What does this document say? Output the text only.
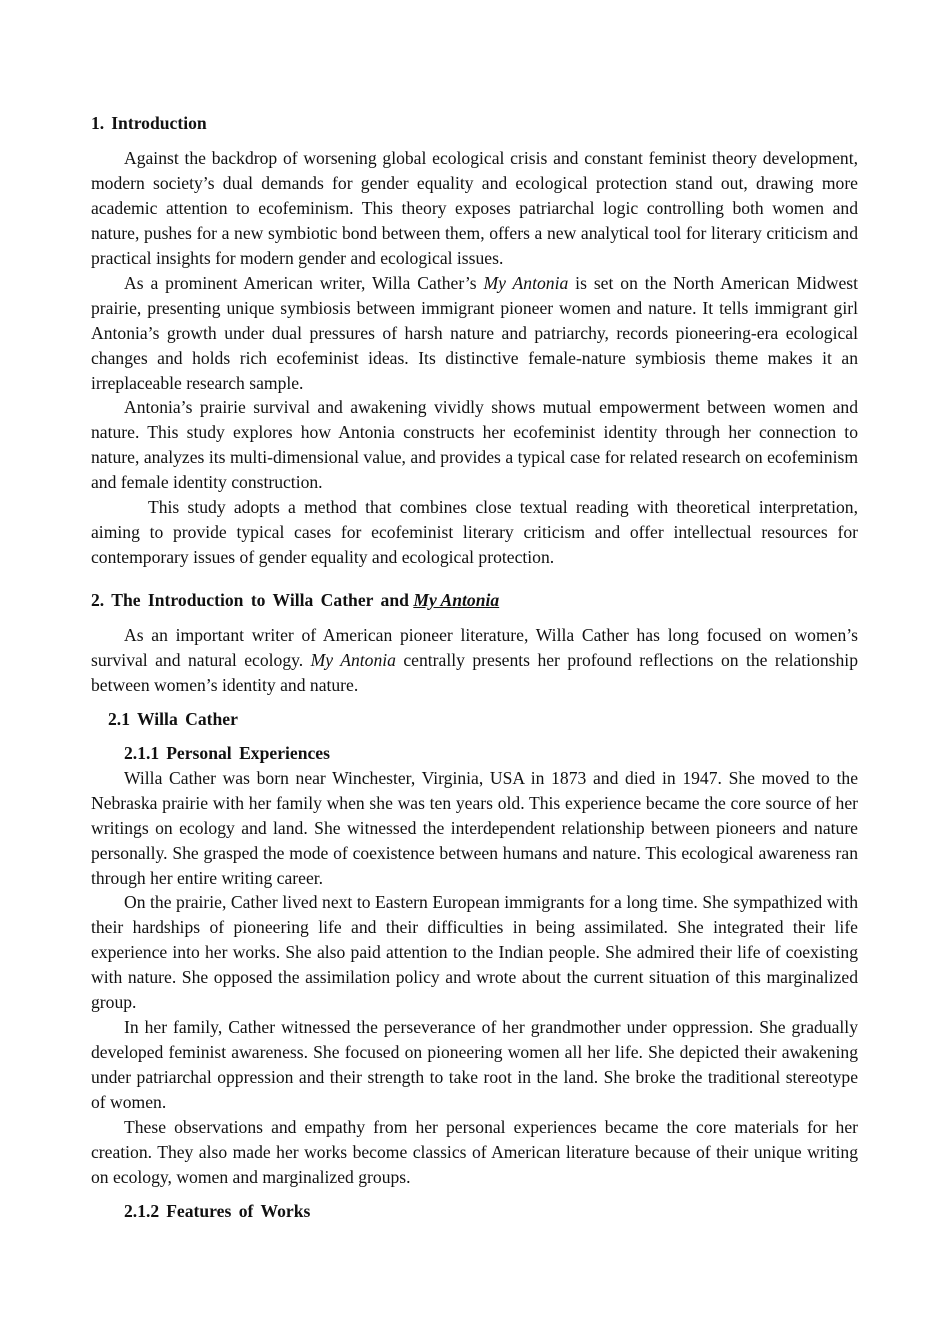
1. Introduction

Against the backdrop of worsening global ecological crisis and constant feminist theory development, modern society’s dual demands for gender equality and ecological protection stand out, drawing more academic attention to ecofeminism. This theory exposes patriarchal logic controlling both women and nature, pushes for a new symbiotic bond between them, offers a new analytical tool for literary criticism and practical insights for modern gender and ecological issues.

As a prominent American writer, Willa Cather’s My Antonia is set on the North American Midwest prairie, presenting unique symbiosis between immigrant pioneer women and nature. It tells immigrant girl Antonia’s growth under dual pressures of harsh nature and patriarchy, records pioneering-era ecological changes and holds rich ecofeminist ideas. Its distinctive female-nature symbiosis theme makes it an irreplaceable research sample.

Antonia’s prairie survival and awakening vividly shows mutual empowerment between women and nature. This study explores how Antonia constructs her ecofeminist identity through her connection to nature, analyzes its multi-dimensional value, and provides a typical case for related research on ecofeminism and female identity construction.

This study adopts a method that combines close textual reading with theoretical interpretation, aiming to provide typical cases for ecofeminist literary criticism and offer intellectual resources for contemporary issues of gender equality and ecological protection.

2. The Introduction to Willa Cather and My Antonia

As an important writer of American pioneer literature, Willa Cather has long focused on women’s survival and natural ecology. My Antonia centrally presents her profound reflections on the relationship between women’s identity and nature.

2.1 Willa Cather
2.1.1 Personal Experiences

Willa Cather was born near Winchester, Virginia, USA in 1873 and died in 1947. She moved to the Nebraska prairie with her family when she was ten years old. This experience became the core source of her writings on ecology and land. She witnessed the interdependent relationship between pioneers and nature personally. She grasped the mode of coexistence between humans and nature. This ecological awareness ran through her entire writing career.

On the prairie, Cather lived next to Eastern European immigrants for a long time. She sympathized with their hardships of pioneering life and their difficulties in being assimilated. She integrated their life experience into her works. She also paid attention to the Indian people. She admired their life of coexisting with nature. She opposed the assimilation policy and wrote about the current situation of this marginalized group.

In her family, Cather witnessed the perseverance of her grandmother under oppression. She gradually developed feminist awareness. She focused on pioneering women all her life. She depicted their awakening under patriarchal oppression and their strength to take root in the land. She broke the traditional stereotype of women.

These observations and empathy from her personal experiences became the core materials for her creation. They also made her works become classics of American literature because of their unique writing on ecology, women and marginalized groups.

2.1.2 Features of Works
